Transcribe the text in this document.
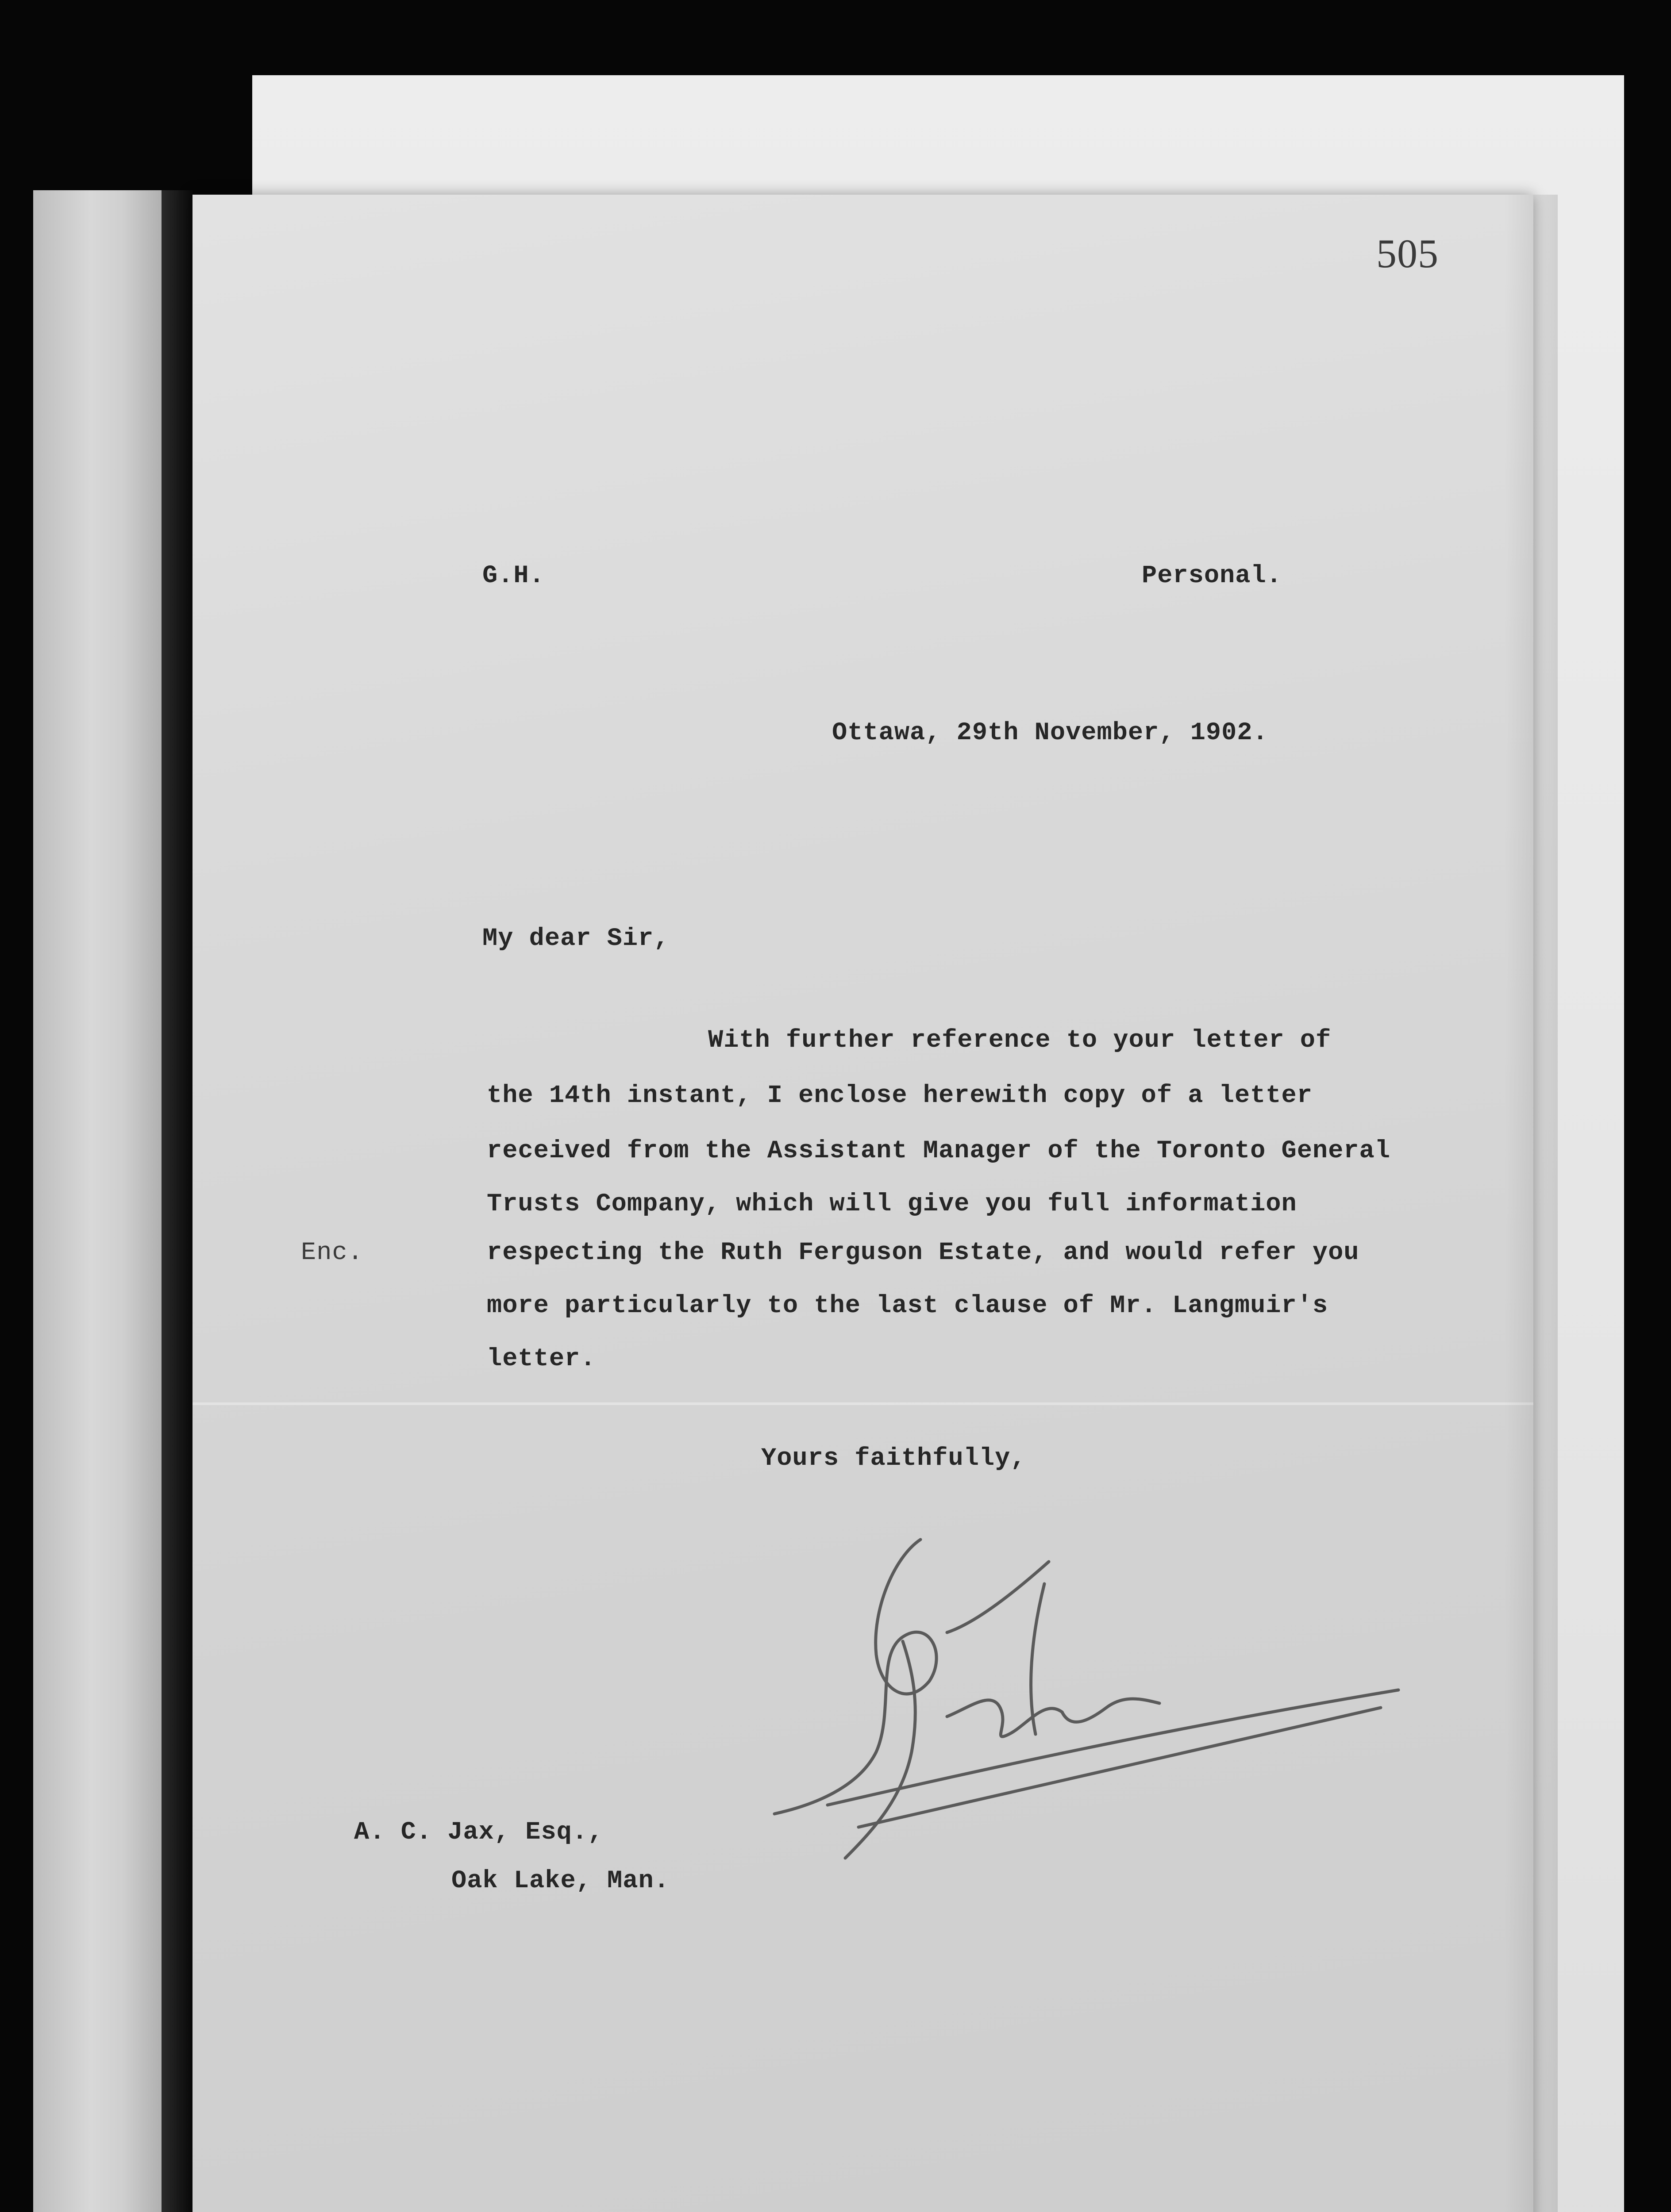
505

G.H.	Personal.

Ottawa, 29th November, 1902.

My dear Sir,

With further reference to your letter of

the 14th instant, I enclose herewith copy of a letter

received from the Assistant Manager of the Toronto General

Trusts Company, which will give you full information

respecting the Ruth Ferguson Estate, and would refer you

more particularly to the last clause of Mr. Langmuir's

letter.

Enc.

Yours faithfully,

A. C. Jax, Esq.,

Oak Lake, Man.
